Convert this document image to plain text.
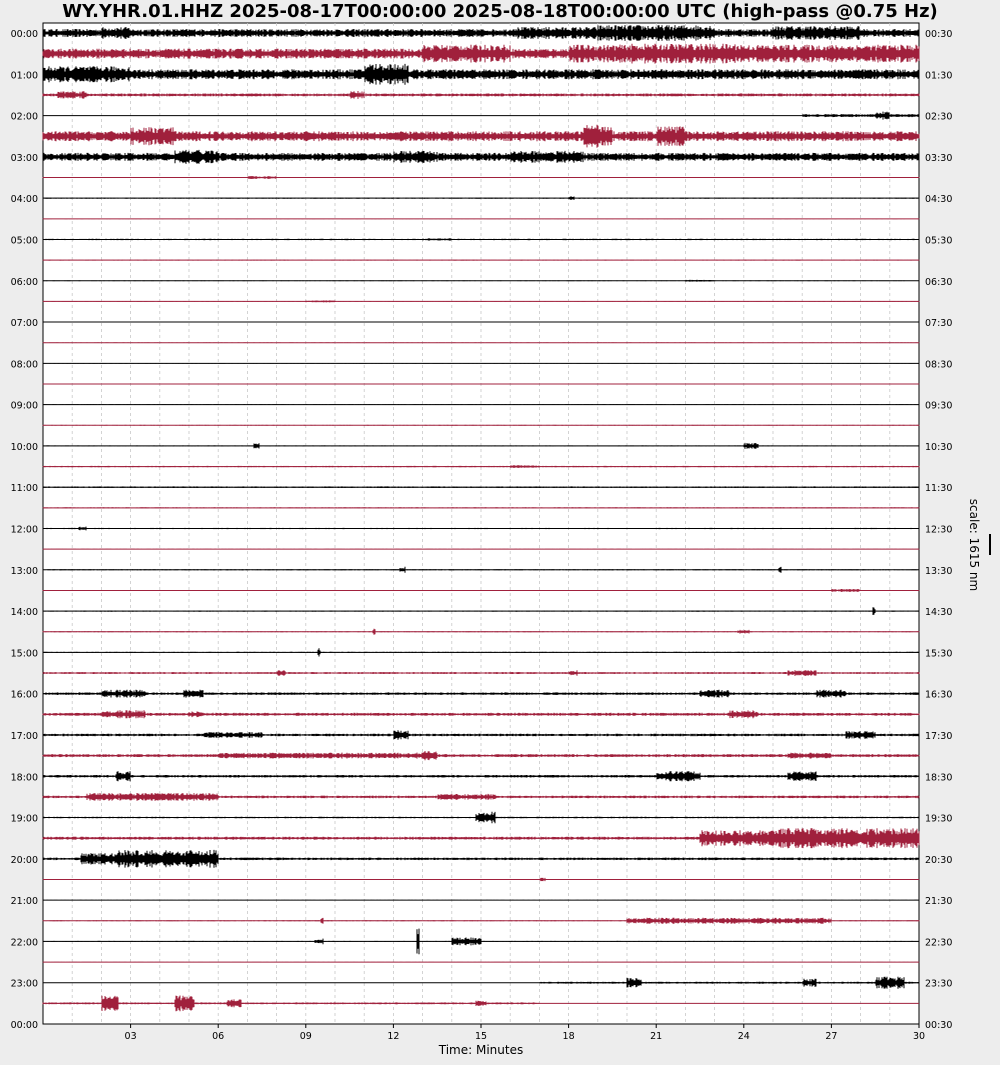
WY.YHR.01.HHZ 2025-08-17T00:00:00 2025-08-18T00:00:00 UTC (high-pass @0.75 Hz)
00:00
01:00
02:00
03:00
04:00
05:00
06:00
07:00
08:00
09:00
10:00
11:00
12:00
13:00
14:00
15:00
16:00
17:00
18:00
19:00
20:00
21:00
22:00
23:00
00:00
00:30
01:30
02:30
03:30
04:30
05:30
06:30
07:30
08:30
09:30
10:30
11:30
12:30
13:30
14:30
15:30
16:30
17:30
18:30
19:30
20:30
21:30
22:30
23:30
00:30
03	06	09	12	15	18	21	24	27	30
scale: 1615 nm
Time: Minutes
